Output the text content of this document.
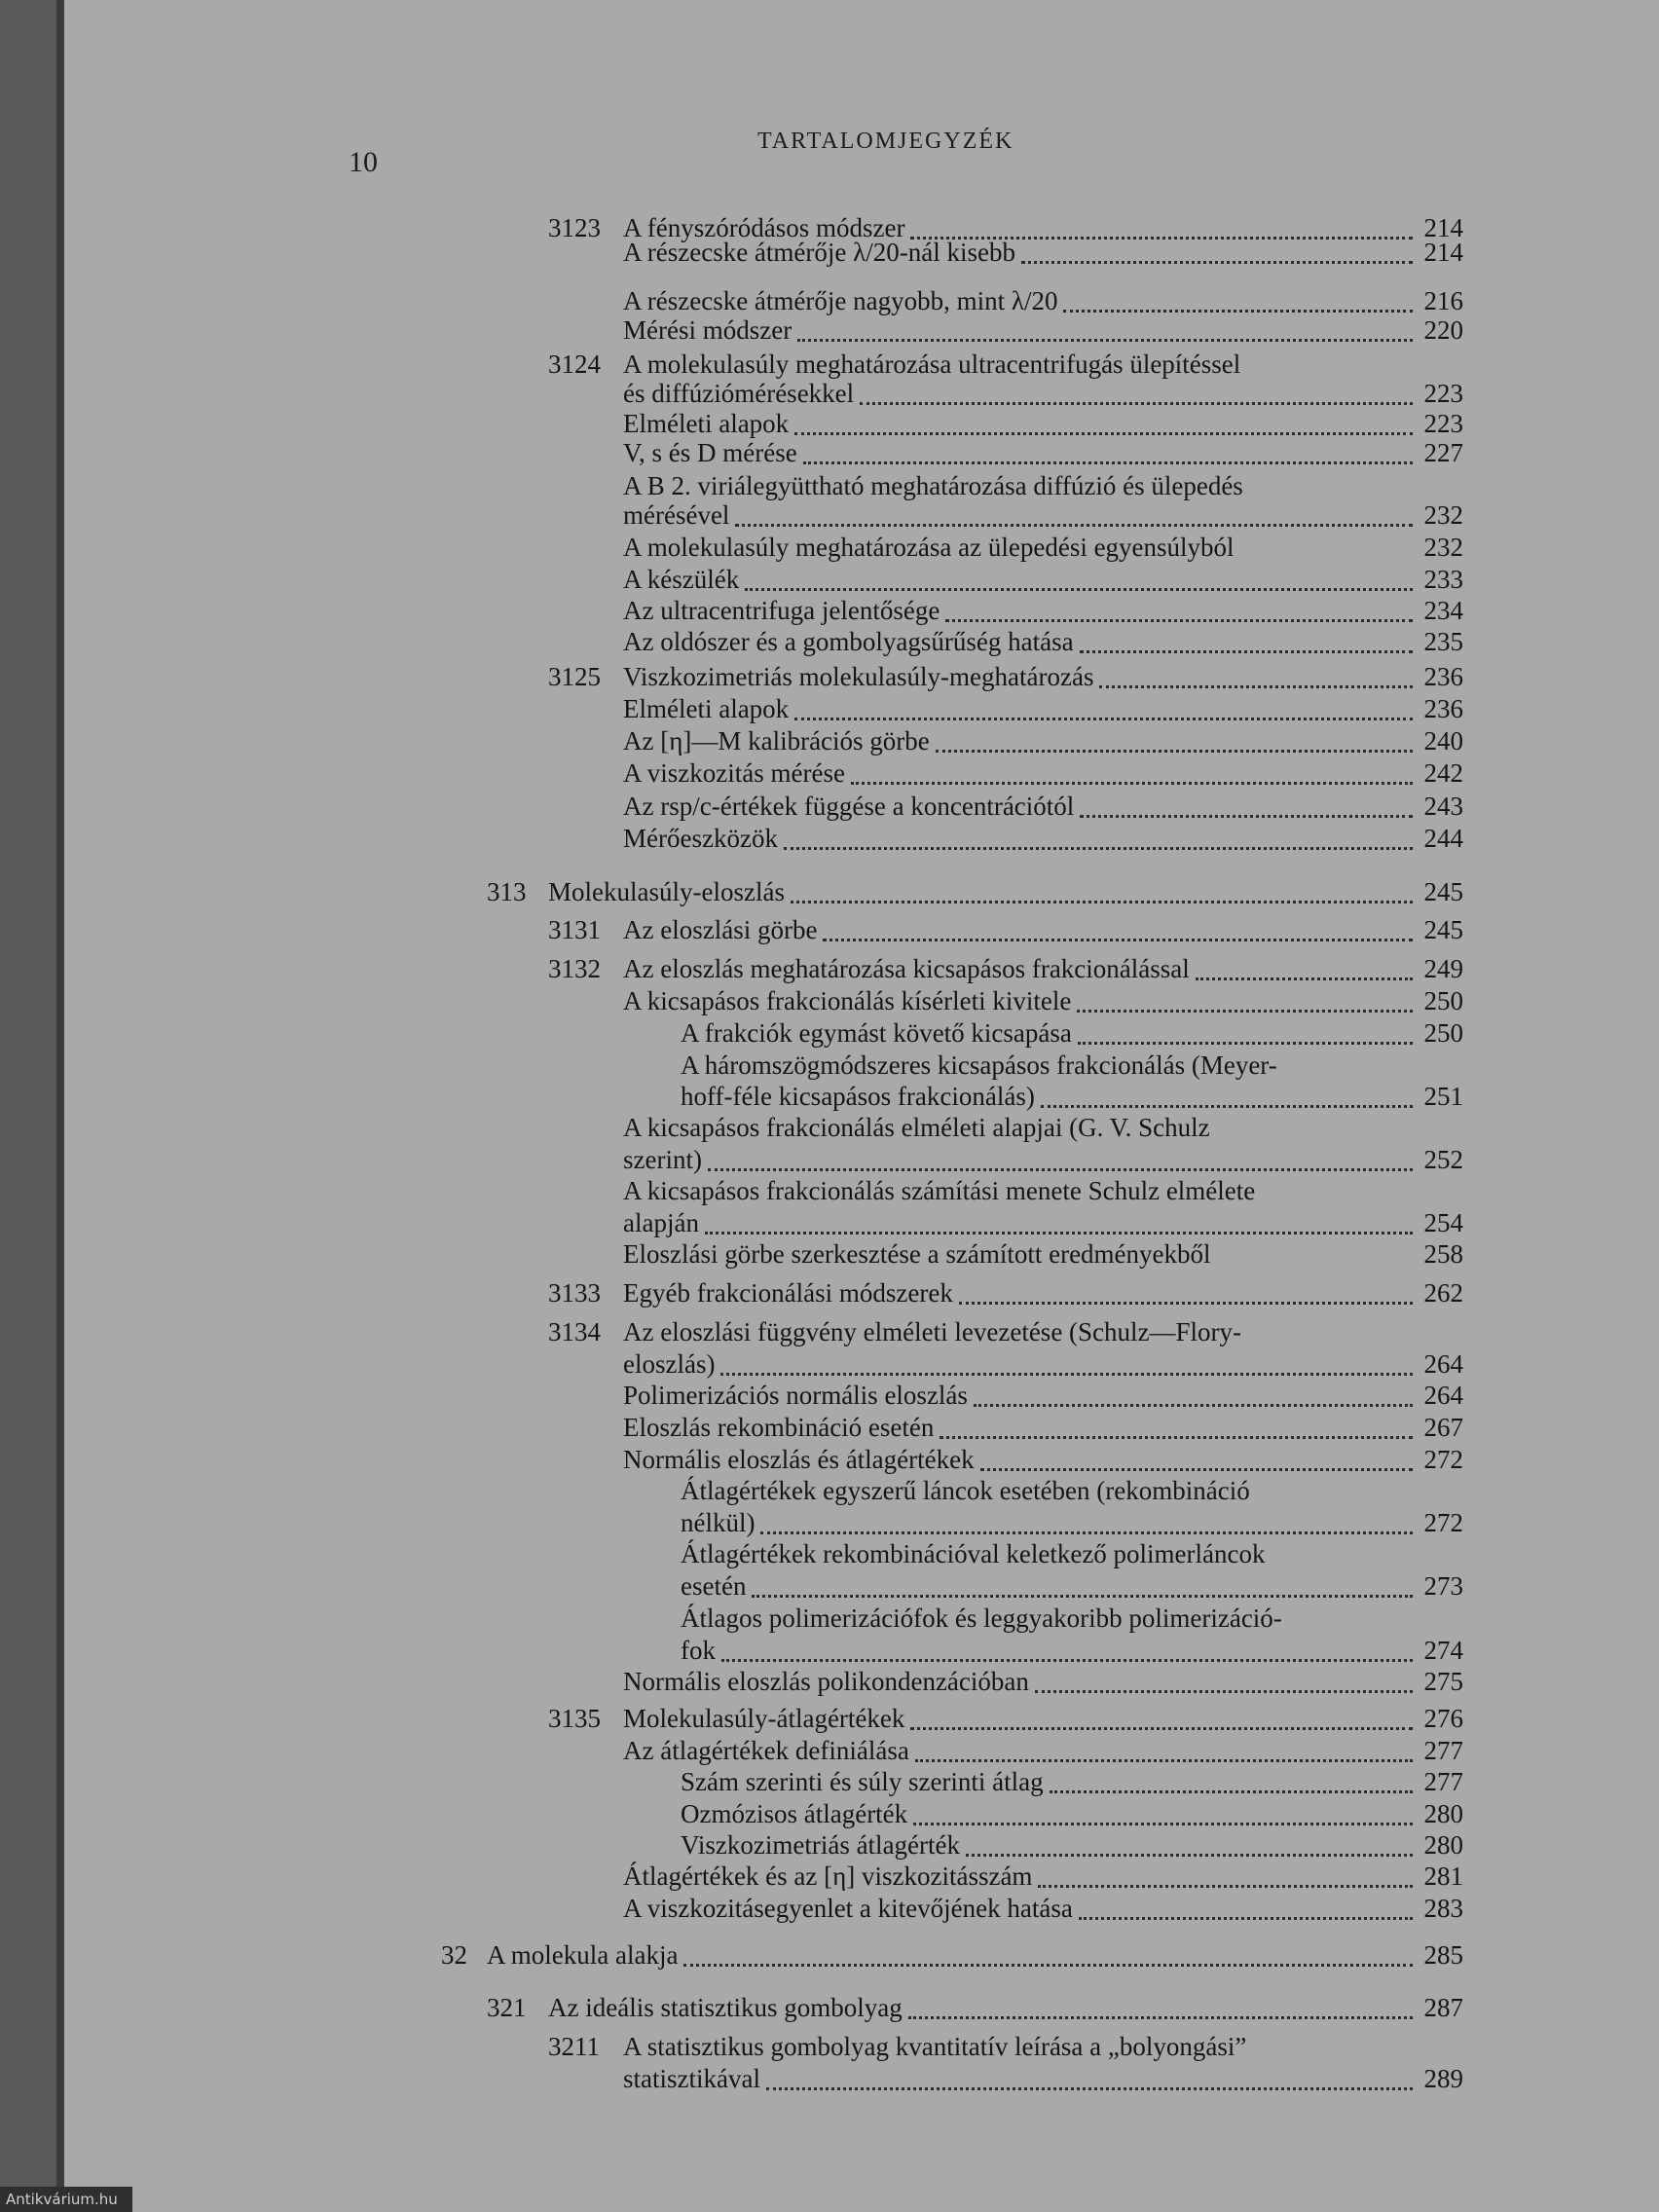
10
TARTALOMJEGYZÉK
3123 A fényszóródásos módszer	214
A részecske átmérője λ/20-nál kisebb	214
A részecske átmérője nagyobb, mint λ/20	216
Mérési módszer	220
3124 A molekulasúly meghatározása ultracentrifugás ülepítéssel
és diffúziómérésekkel	223
Elméleti alapok	223
V, s és D mérése	227
A B 2. viriálegyüttható meghatározása diffúzió és ülepedés
mérésével	232
A molekulasúly meghatározása az ülepedési egyensúlyból	232
A készülék	233
Az ultracentrifuga jelentősége	234
Az oldószer és a gombolyagsűrűség hatása	235
3125 Viszkozimetriás molekulasúly-meghatározás	236
Elméleti alapok	236
Az [η]—M kalibrációs görbe	240
A viszkozitás mérése	242
Az rsp/c-értékek függése a koncentrációtól	243
Mérőeszközök	244
313 Molekulasúly-eloszlás	245
3131 Az eloszlási görbe	245
3132 Az eloszlás meghatározása kicsapásos frakcionálással	249
A kicsapásos frakcionálás kísérleti kivitele	250
A frakciók egymást követő kicsapása	250
A háromszögmódszeres kicsapásos frakcionálás (Meyer-
hoff-féle kicsapásos frakcionálás)	251
A kicsapásos frakcionálás elméleti alapjai (G. V. Schulz
szerint)	252
A kicsapásos frakcionálás számítási menete Schulz elmélete
alapján	254
Eloszlási görbe szerkesztése a számított eredményekből	258
3133 Egyéb frakcionálási módszerek	262
3134 Az eloszlási függvény elméleti levezetése (Schulz—Flory-
eloszlás)	264
Polimerizációs normális eloszlás	264
Eloszlás rekombináció esetén	267
Normális eloszlás és átlagértékek	272
Átlagértékek egyszerű láncok esetében (rekombináció
nélkül)	272
Átlagértékek rekombinációval keletkező polimerláncok
esetén	273
Átlagos polimerizációfok és leggyakoribb polimerizáció-
fok	274
Normális eloszlás polikondenzációban	275
3135 Molekulasúly-átlagértékek	276
Az átlagértékek definiálása	277
Szám szerinti és súly szerinti átlag	277
Ozmózisos átlagérték	280
Viszkozimetriás átlagérték	280
Átlagértékek és az [η] viszkozitásszám	281
A viszkozitásegyenlet a kitevőjének hatása	283
32 A molekula alakja	285
321 Az ideális statisztikus gombolyag	287
3211 A statisztikus gombolyag kvantitatív leírása a „bolyongási”
statisztikával	289
Antikvárium.hu
